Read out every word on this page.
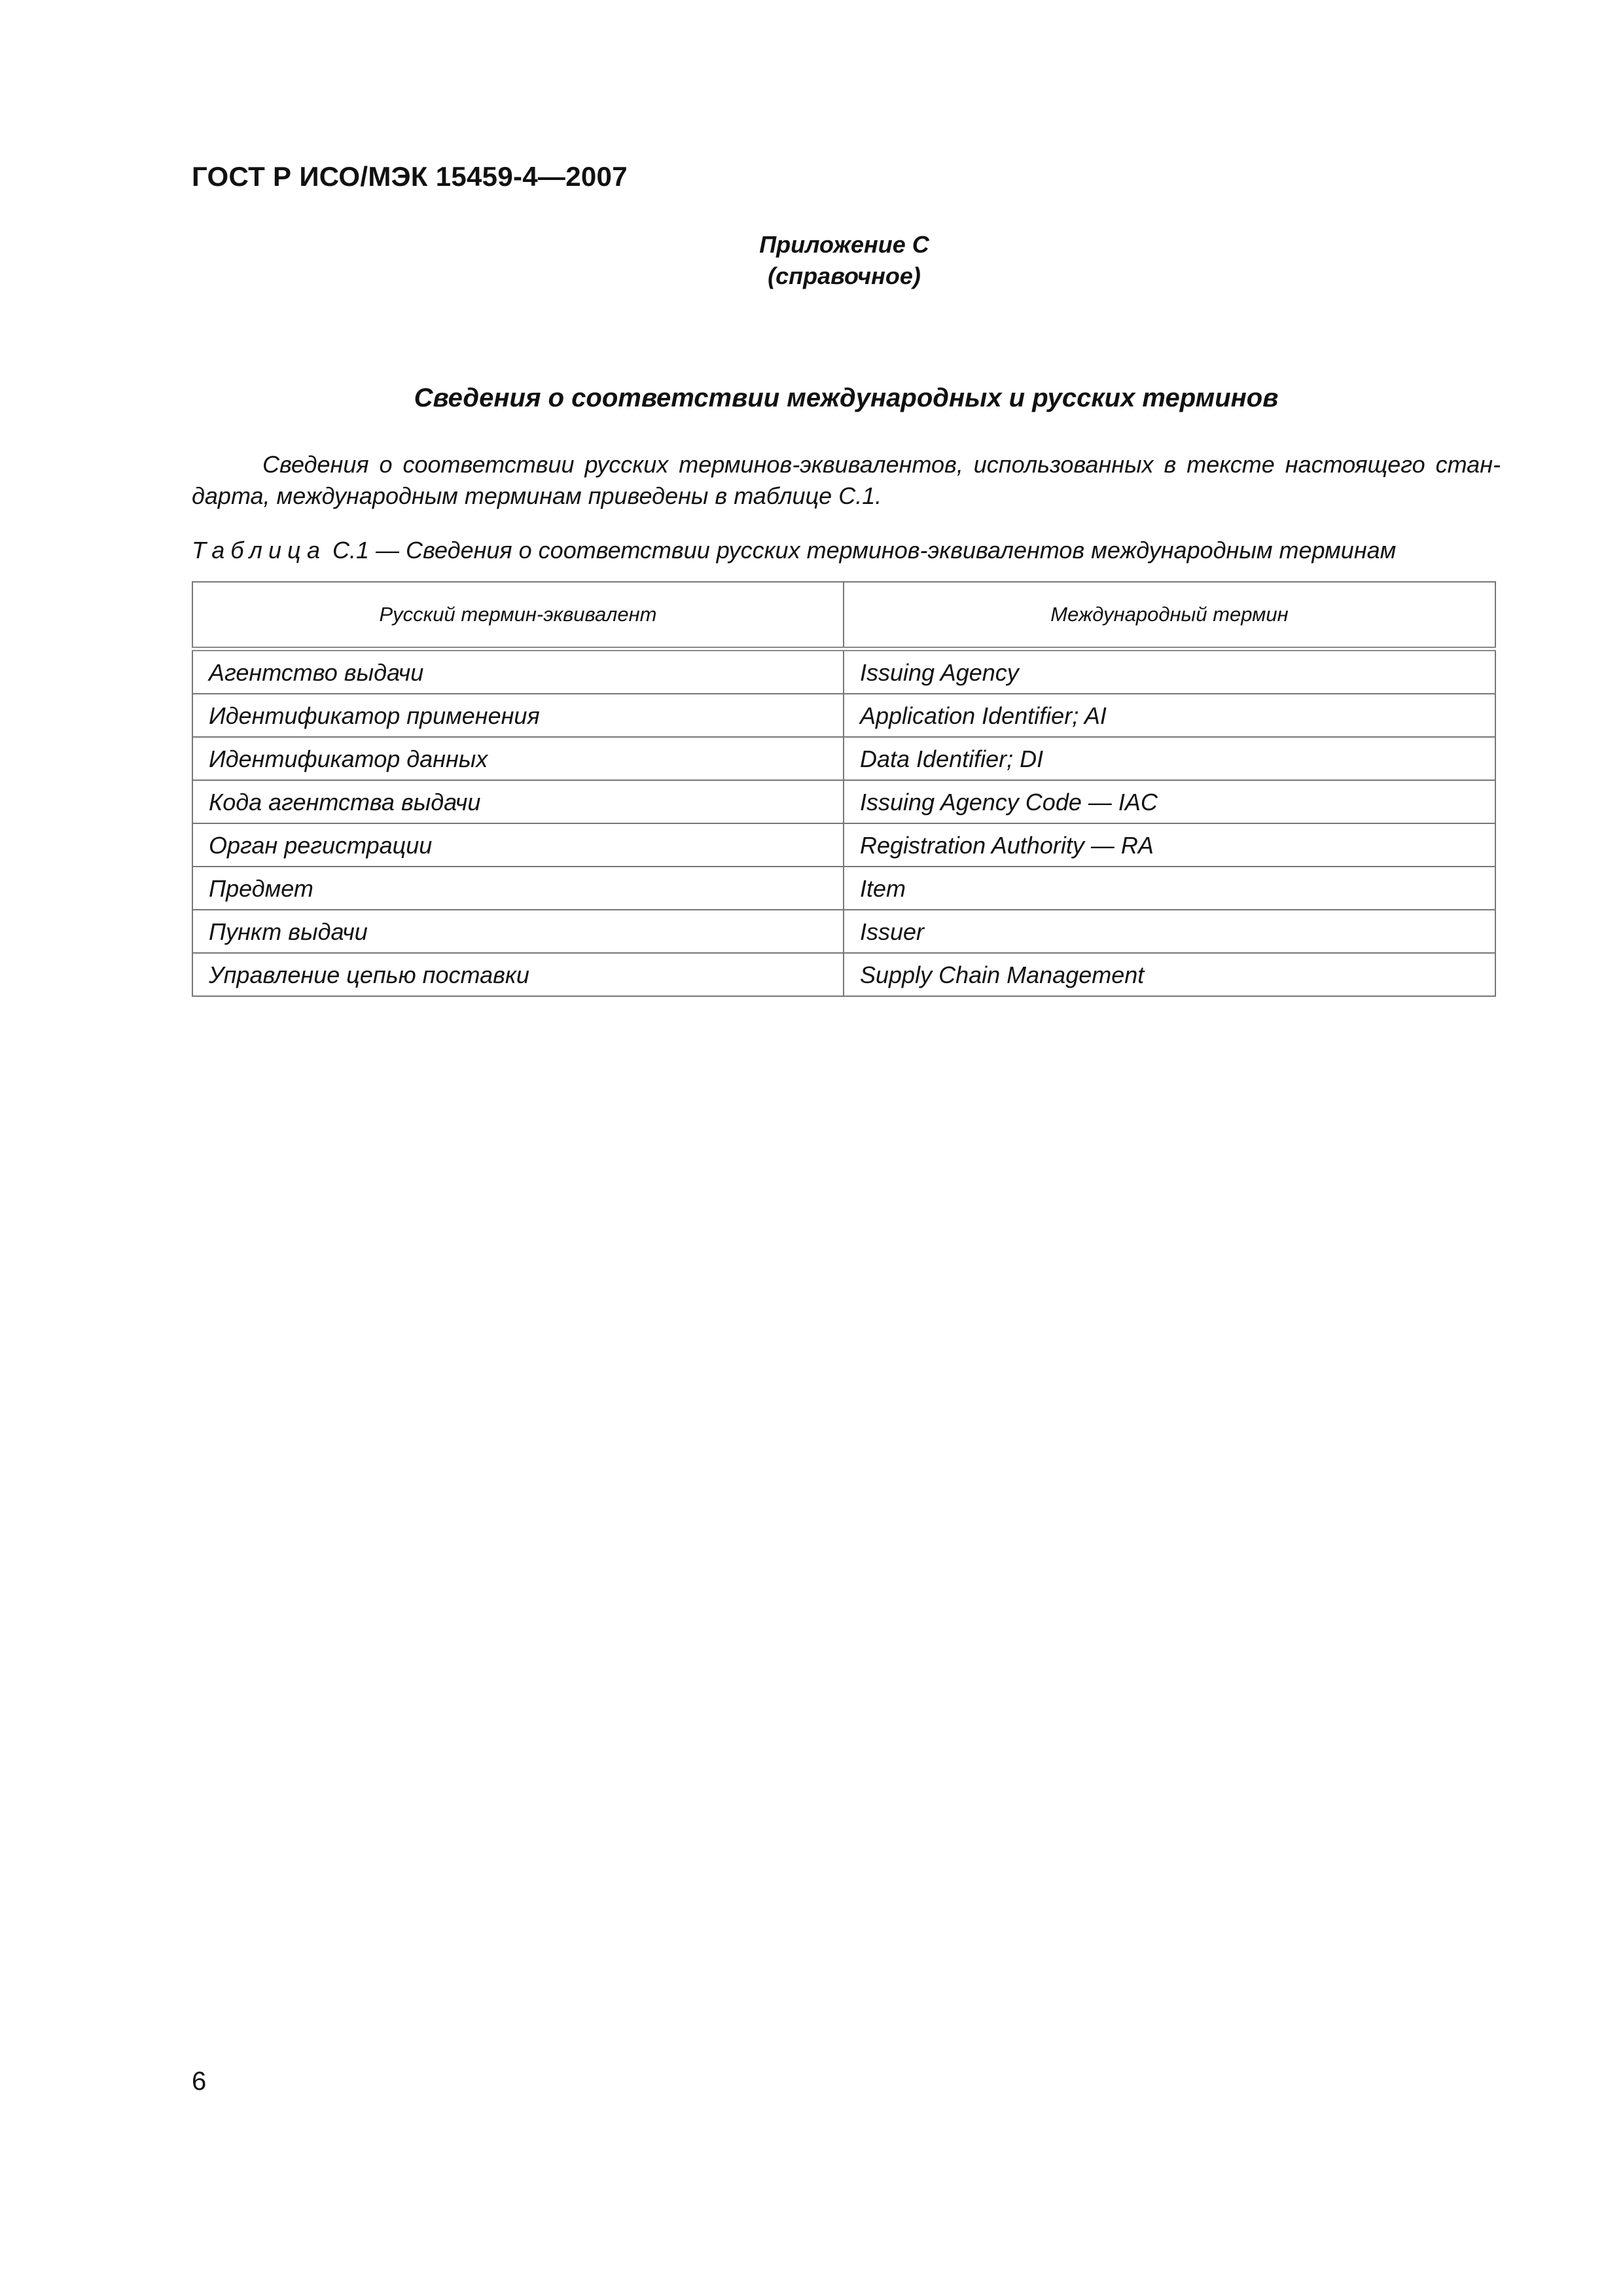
ГОСТ Р ИСО/МЭК 15459-4—2007
Приложение С
(справочное)
Сведения о соответствии международных и русских терминов

Сведения о соответствии русских терминов-эквивалентов, использованных в тексте настоящего стан-
дарта, международным терминам приведены в таблице С.1.

Таблица С.1 — Сведения о соответствии русских терминов-эквивалентов международным терминам
Русский термин-эквивалент	Международный термин
Агентство выдачи	Issuing Agency
Идентификатор применения	Application Identifier; AI
Идентификатор данных	Data Identifier; DI
Кода агентства выдачи	Issuing Agency Code — IAC
Орган регистрации	Registration Authority — RA
Предмет	Item
Пункт выдачи	Issuer
Управление цепью поставки	Supply Chain Management
6
